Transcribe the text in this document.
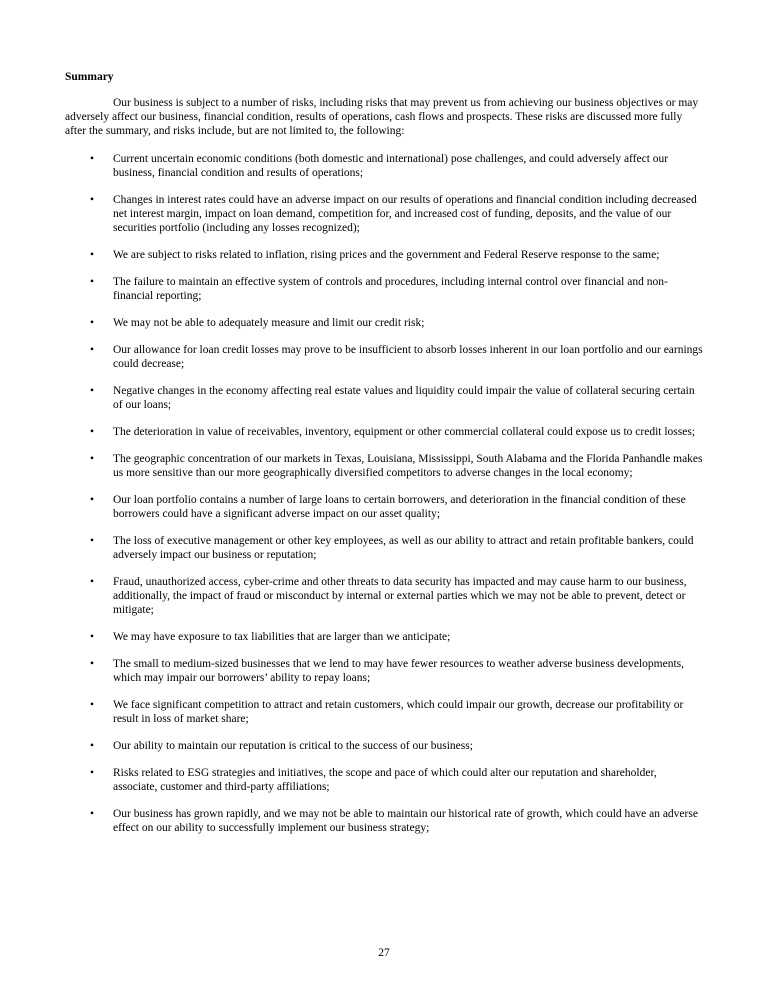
Summary

Our business is subject to a number of risks, including risks that may prevent us from achieving our business objectives or may adversely affect our business, financial condition, results of operations, cash flows and prospects. These risks are discussed more fully after the summary, and risks include, but are not limited to, the following:

• Current uncertain economic conditions (both domestic and international) pose challenges, and could adversely affect our business, financial condition and results of operations;
• Changes in interest rates could have an adverse impact on our results of operations and financial condition including decreased net interest margin, impact on loan demand, competition for, and increased cost of funding, deposits, and the value of our securities portfolio (including any losses recognized);
• We are subject to risks related to inflation, rising prices and the government and Federal Reserve response to the same;
• The failure to maintain an effective system of controls and procedures, including internal control over financial and non-financial reporting;
• We may not be able to adequately measure and limit our credit risk;
• Our allowance for loan credit losses may prove to be insufficient to absorb losses inherent in our loan portfolio and our earnings could decrease;
• Negative changes in the economy affecting real estate values and liquidity could impair the value of collateral securing certain of our loans;
• The deterioration in value of receivables, inventory, equipment or other commercial collateral could expose us to credit losses;
• The geographic concentration of our markets in Texas, Louisiana, Mississippi, South Alabama and the Florida Panhandle makes us more sensitive than our more geographically diversified competitors to adverse changes in the local economy;
• Our loan portfolio contains a number of large loans to certain borrowers, and deterioration in the financial condition of these borrowers could have a significant adverse impact on our asset quality;
• The loss of executive management or other key employees, as well as our ability to attract and retain profitable bankers, could adversely impact our business or reputation;
• Fraud, unauthorized access, cyber-crime and other threats to data security has impacted and may cause harm to our business, additionally, the impact of fraud or misconduct by internal or external parties which we may not be able to prevent, detect or mitigate;
• We may have exposure to tax liabilities that are larger than we anticipate;
• The small to medium-sized businesses that we lend to may have fewer resources to weather adverse business developments, which may impair our borrowers’ ability to repay loans;
• We face significant competition to attract and retain customers, which could impair our growth, decrease our profitability or result in loss of market share;
• Our ability to maintain our reputation is critical to the success of our business;
• Risks related to ESG strategies and initiatives, the scope and pace of which could alter our reputation and shareholder, associate, customer and third-party affiliations;
• Our business has grown rapidly, and we may not be able to maintain our historical rate of growth, which could have an adverse effect on our ability to successfully implement our business strategy;
27
